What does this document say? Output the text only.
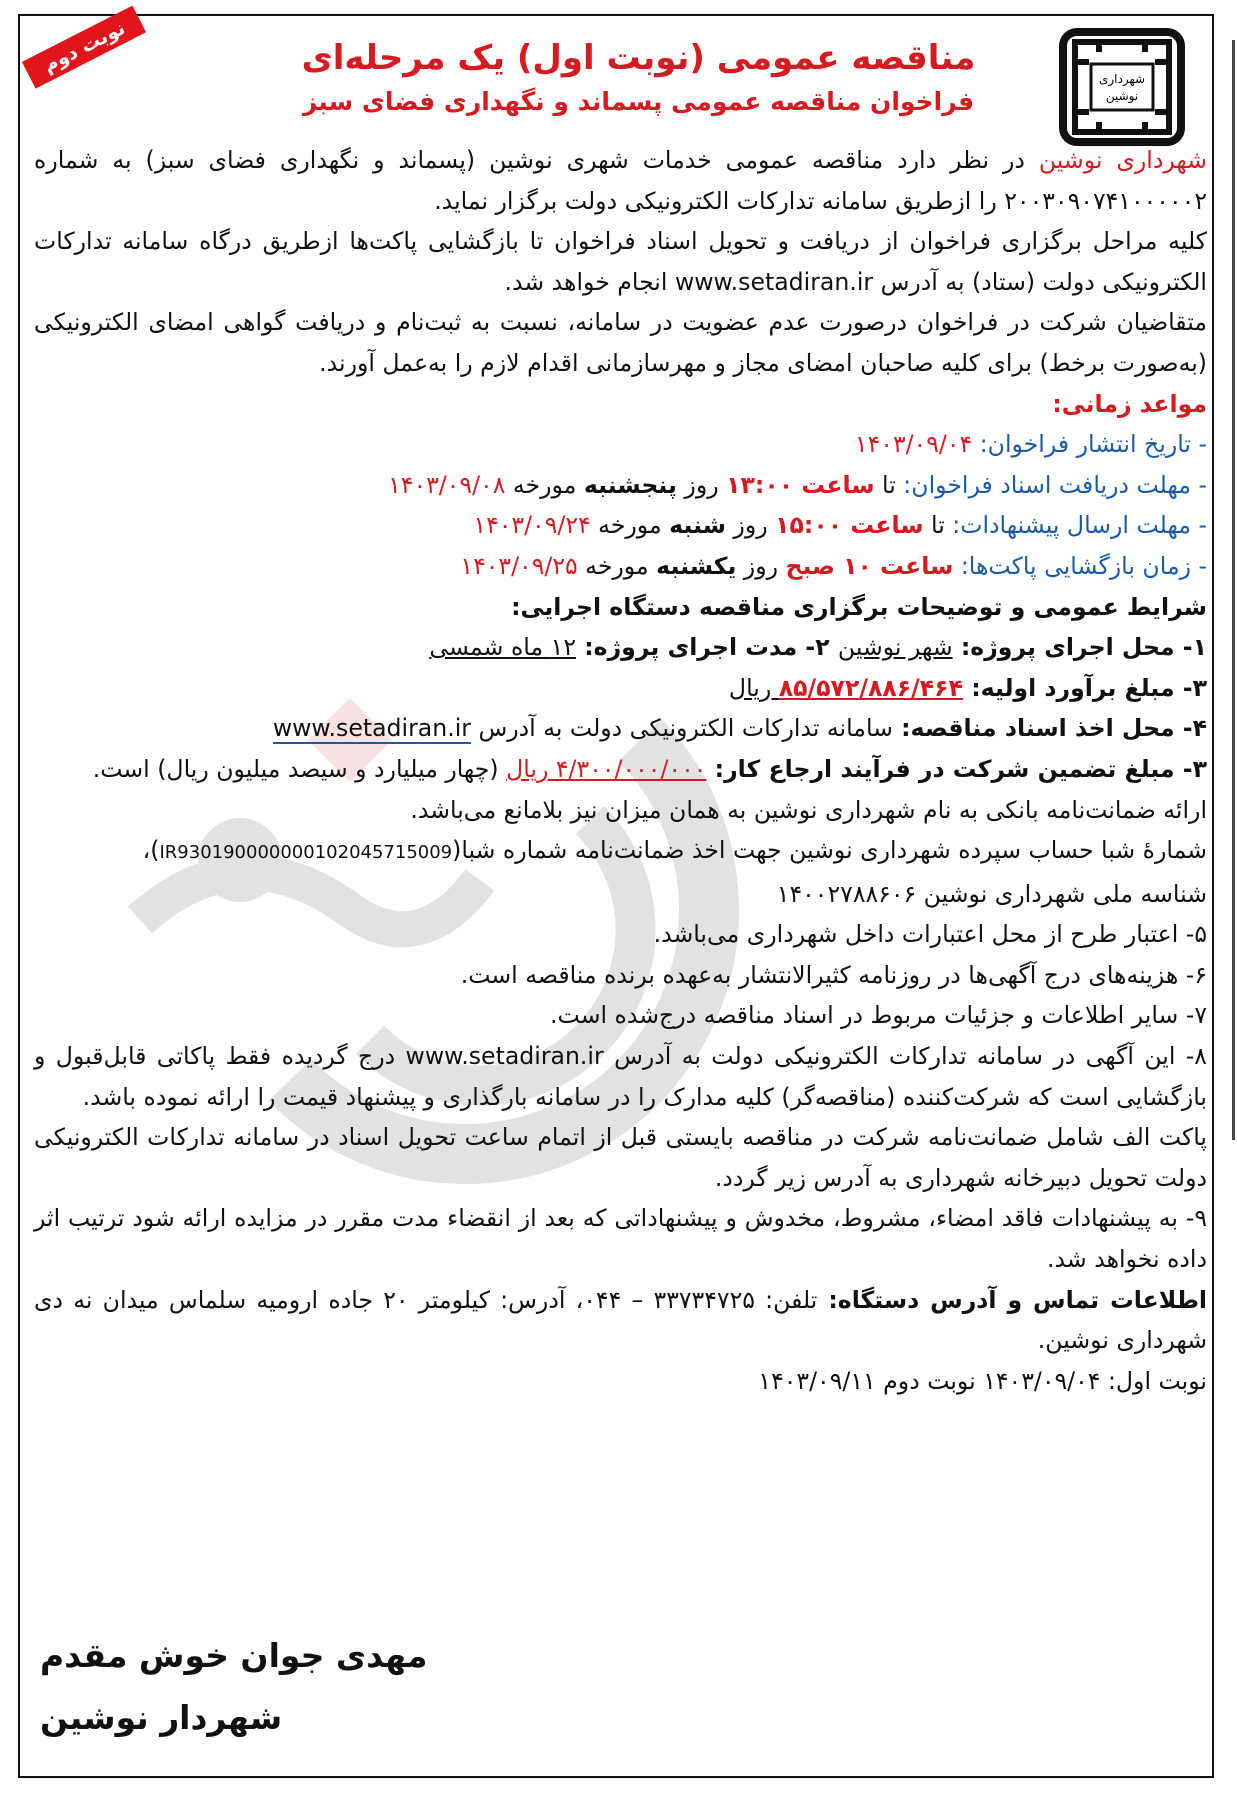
نوبت دوم
شهرداری
نوشین
مناقصه عمومی (نوبت اول) یک مرحله‌ای
فراخوان مناقصه عمومی پسماند و نگهداری فضای سبز

شهرداری نوشین در نظر دارد مناقصه عمومی خدمات شهری نوشین (پسماند و نگهداری فضای سبز) به شماره ۲۰۰۳۰۹۰۷۴۱۰۰۰۰۰۲ را ازطریق سامانه تدارکات الکترونیکی دولت برگزار نماید.

کلیه مراحل برگزاری فراخوان از دریافت و تحویل اسناد فراخوان تا بازگشایی پاکت‌ها ازطریق درگاه سامانه تدارکات الکترونیکی دولت (ستاد) به آدرس www.setadiran.ir انجام خواهد شد.

متقاضیان شرکت در فراخوان درصورت عدم عضویت در سامانه، نسبت به ثبت‌نام و دریافت گواهی امضای الکترونیکی (به‌صورت برخط) برای کلیه صاحبان امضای مجاز و مهرسازمانی اقدام لازم را به‌عمل آورند.

مواعد زمانی:

- تاریخ انتشار فراخوان: ۱۴۰۳/۰۹/۰۴

- مهلت دریافت اسناد فراخوان: تا ساعت ۱۳:۰۰ روز پنجشنبه مورخه ۱۴۰۳/۰۹/۰۸

- مهلت ارسال پیشنهادات: تا ساعت ۱۵:۰۰ روز شنبه مورخه ۱۴۰۳/۰۹/۲۴

- زمان بازگشایی پاکت‌ها: ساعت ۱۰ صبح روز یکشنبه مورخه ۱۴۰۳/۰۹/۲۵

شرایط عمومی و توضیحات برگزاری مناقصه دستگاه اجرایی:

۱- محل اجرای پروژه: شهر نوشین ۲- مدت اجرای پروژه: ۱۲ ماه شمسی

۳- مبلغ برآورد اولیه: ۸۵/۵۷۲/۸۸۶/۴۶۴ ریال

۴- محل اخذ اسناد مناقصه: سامانه تدارکات الکترونیکی دولت به آدرس www.setadiran.ir

۳- مبلغ تضمین شرکت در فرآیند ارجاع کار: ۴/۳۰۰/۰۰۰/۰۰۰ ریال (چهار میلیارد و سیصد میلیون ریال) است.

ارائه ضمانت‌نامه بانکی به نام شهرداری نوشین به همان میزان نیز بلامانع می‌باشد.

شمارهٔ شبا حساب سپرده شهرداری نوشین جهت اخذ ضمانت‌نامه شماره شبا(IR930190000000102045715009)،

شناسه ملی شهرداری نوشین ۱۴۰۰۲۷۸۸۶۰۶

۵- اعتبار طرح از محل اعتبارات داخل شهرداری می‌باشد.

۶- هزینه‌های درج آگهی‌ها در روزنامه کثیرالانتشار به‌عهده برنده مناقصه است.

۷- سایر اطلاعات و جزئیات مربوط در اسناد مناقصه درج‌شده است.

۸- این آگهی در سامانه تدارکات الکترونیکی دولت به آدرس www.setadiran.ir درج گردیده فقط پاکاتی قابل‌قبول و بازگشایی است که شرکت‌کننده (مناقصه‌گر) کلیه مدارک را در سامانه بارگذاری و پیشنهاد قیمت را ارائه نموده باشد.

پاکت الف شامل ضمانت‌نامه شرکت در مناقصه بایستی قبل از اتمام ساعت تحویل اسناد در سامانه تدارکات الکترونیکی دولت تحویل دبیرخانه شهرداری به آدرس زیر گردد.

۹- به پیشنهادات فاقد امضاء، مشروط، مخدوش و پیشنهاداتی که بعد از انقضاء مدت مقرر در مزایده ارائه شود ترتیب اثر داده نخواهد شد.

اطلاعات تماس و آدرس دستگاه: تلفن: ۳۳۷۳۴۷۲۵ – ۰۴۴، آدرس: کیلومتر ۲۰ جاده ارومیه سلماس میدان نه دی شهرداری نوشین.

نوبت اول: ۱۴۰۳/۰۹/۰۴ نوبت دوم ۱۴۰۳/۰۹/۱۱

مهدی جوان خوش مقدم
شهردار نوشین
